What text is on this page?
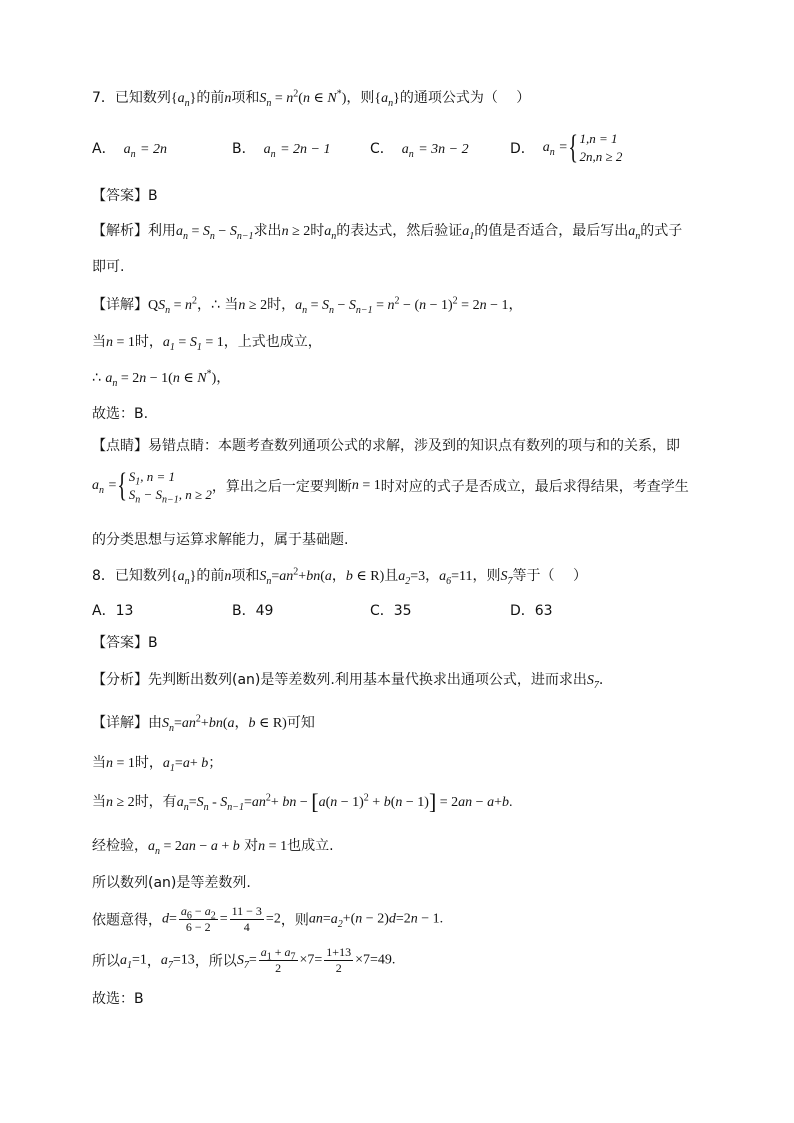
7．已知数列$\{a_n\}$的前n项和$S_n = n^2(n$ ∈ N*)，则$\{a_n\}$的通项公式为（　 ）
A． $a_n = 2n$	B． $a_n = 2n - 1$	C． $a_n = 3n - 2$	D． $a_n$ ={ 1,n = 1
2n,n ≥ 2
【答案】B
【解析】利用$a_n = S_n - S_{n-1}$求出n ≥ 2时$a_n$的表达式，然后验证$a_1$的值是否适合，最后写出$a_n$的式子
即可.
【详解】$QS_n = n^2$，∴ 当n ≥ 2时，$a_n = S_n - S_{n-1} = n^2 - (n - 1)^2 = 2n - 1$，
当n = 1时，$a_1 = S_1 = 1$，上式也成立，
∴ $a_n = 2n - 1(n$ ∈ N*)，
故选：B.
【点睛】易错点睛：本题考查数列通项公式的求解，涉及到的知识点有数列的项与和的关系，即
$a_n$ ={ $S_1$, n = 1
$S_n - S_{n-1}$, n ≥ 2 ，算出之后一定要判断n = 1时对应的式子是否成立，最后求得结果，考查学生
的分类思想与运算求解能力，属于基础题.
8．已知数列$\{a_n\}$的前n项和$S_n=an^2+bn(a$，b ∈ R)且$a_2=3$，$a_6=11$，则$S_7$等于（　 ）
A．13	B．49	C．35	D．63
【答案】B
【分析】先判断出数列(an)是等差数列.利用基本量代换求出通项公式，进而求出$S_7$.
【详解】由$S_n=an^2+bn(a$，b ∈ R)可知
当n = 1时，$a_1=a+ b$；
当n ≥ 2时，有$a_n=S_n - S_{n-1}=an^2+$ bn − $[a(n - 1)^2 + b(n - 1)] = 2an - a+b$.
经检验，$a_n = 2an - a + b$ 对n = 1也成立.
所以数列(an)是等差数列.
依题意得，$d= \frac{a_6 - a_2}{6 - 2} = \frac{11 - 3}{4} =2$，则$an=a_2+(n - 2)d=2n - 1$.
所以$a_1=1$，$a_7=13$，所以$S_7= \frac{a_1 + a_7}{2} \times 7= \frac{1+13}{2} \times 7=49$.
故选：B
